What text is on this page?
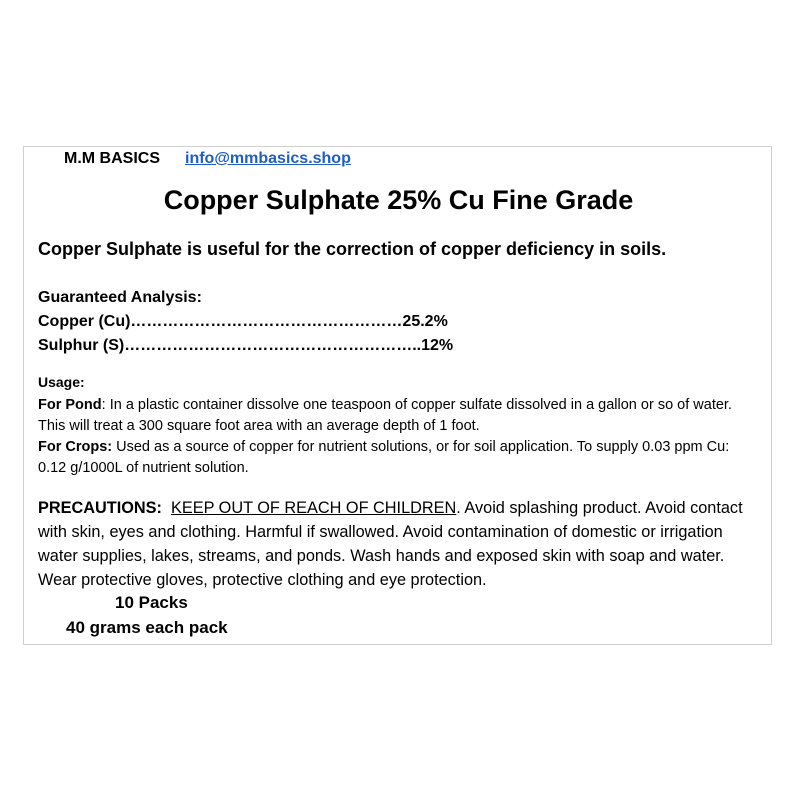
M.M BASICS info@mmbasics.shop
Copper Sulphate 25% Cu Fine Grade
Copper Sulphate is useful for the correction of copper deficiency in soils.
Guaranteed Analysis:
Copper (Cu)……………………………………………25.2%
Sulphur (S)………………………………………………..12%
Usage:
For Pond: In a plastic container dissolve one teaspoon of copper sulfate dissolved in a gallon or so of water. This will treat a 300 square foot area with an average depth of 1 foot.
For Crops: Used as a source of copper for nutrient solutions, or for soil application. To supply 0.03 ppm Cu: 0.12 g/1000L of nutrient solution.
PRECAUTIONS: KEEP OUT OF REACH OF CHILDREN. Avoid splashing product. Avoid contact with skin, eyes and clothing. Harmful if swallowed. Avoid contamination of domestic or irrigation water supplies, lakes, streams, and ponds. Wash hands and exposed skin with soap and water. Wear protective gloves, protective clothing and eye protection.
10 Packs
40 grams each pack
